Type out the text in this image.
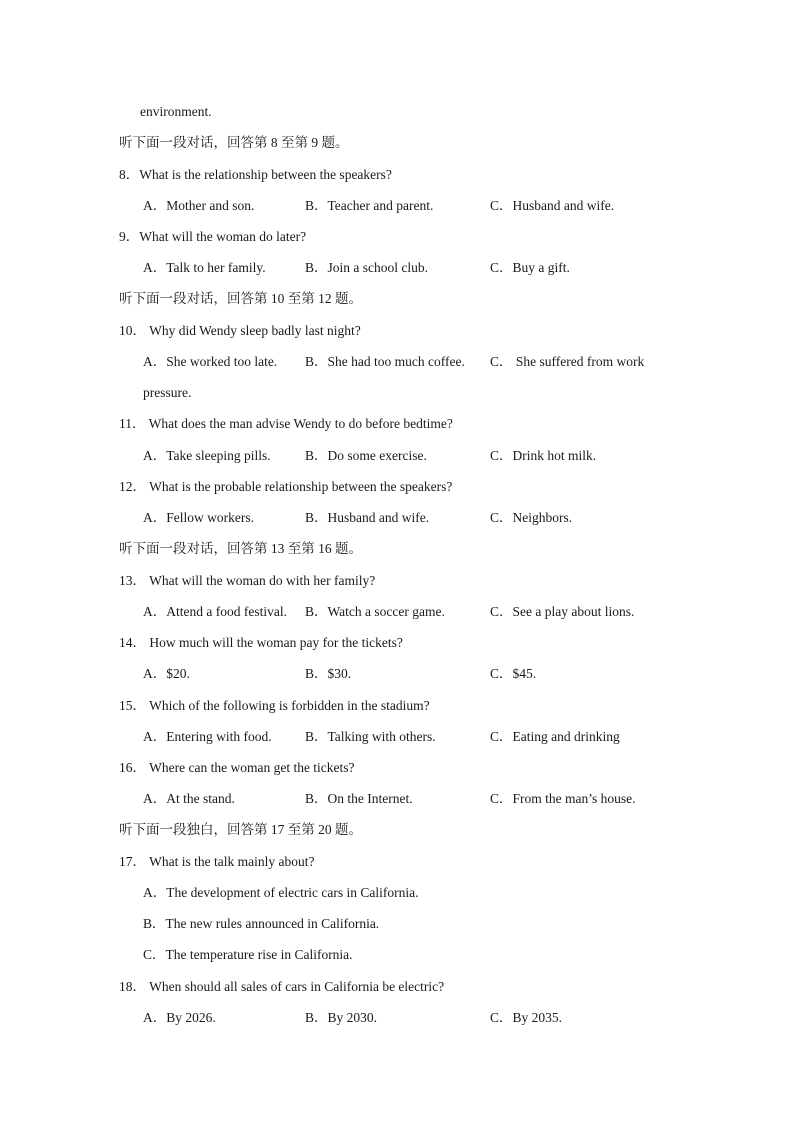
environment.
听下面一段对话，回答第 8 至第 9 题。
8．What is the relationship between the speakers?
A．Mother and son.	B．Teacher and parent.	C．Husband and wife.
9．What will the woman do later?
A．Talk to her family.	B．Join a school club.	C．Buy a gift.
听下面一段对话，回答第 10 至第 12 题。
10． Why did Wendy sleep badly last night?
A．She worked too late. B．She had too much coffee. C． She suffered from work
pressure.
11． What does the man advise Wendy to do before bedtime?
A．Take sleeping pills.	B．Do some exercise.	C．Drink hot milk.
12． What is the probable relationship between the speakers?
A．Fellow workers.	B．Husband and wife.	C．Neighbors.
听下面一段对话，回答第 13 至第 16 题。
13． What will the woman do with her family?
A．Attend a food festival. B．Watch a soccer game.	C．See a play about lions.
14． How much will the woman pay for the tickets?
A．$20.	B．$30.	C．$45.
15． Which of the following is forbidden in the stadium?
A．Entering with food. B．Talking with others.	C．Eating and drinking
16． Where can the woman get the tickets?
A．At the stand.	B．On the Internet.	C．From the man’s house.
听下面一段独白，回答第 17 至第 20 题。
17． What is the talk mainly about?
A．The development of electric cars in California.
B．The new rules announced in California.
C．The temperature rise in California.
18． When should all sales of cars in California be electric?
A．By 2026.	B．By 2030.	C．By 2035.
